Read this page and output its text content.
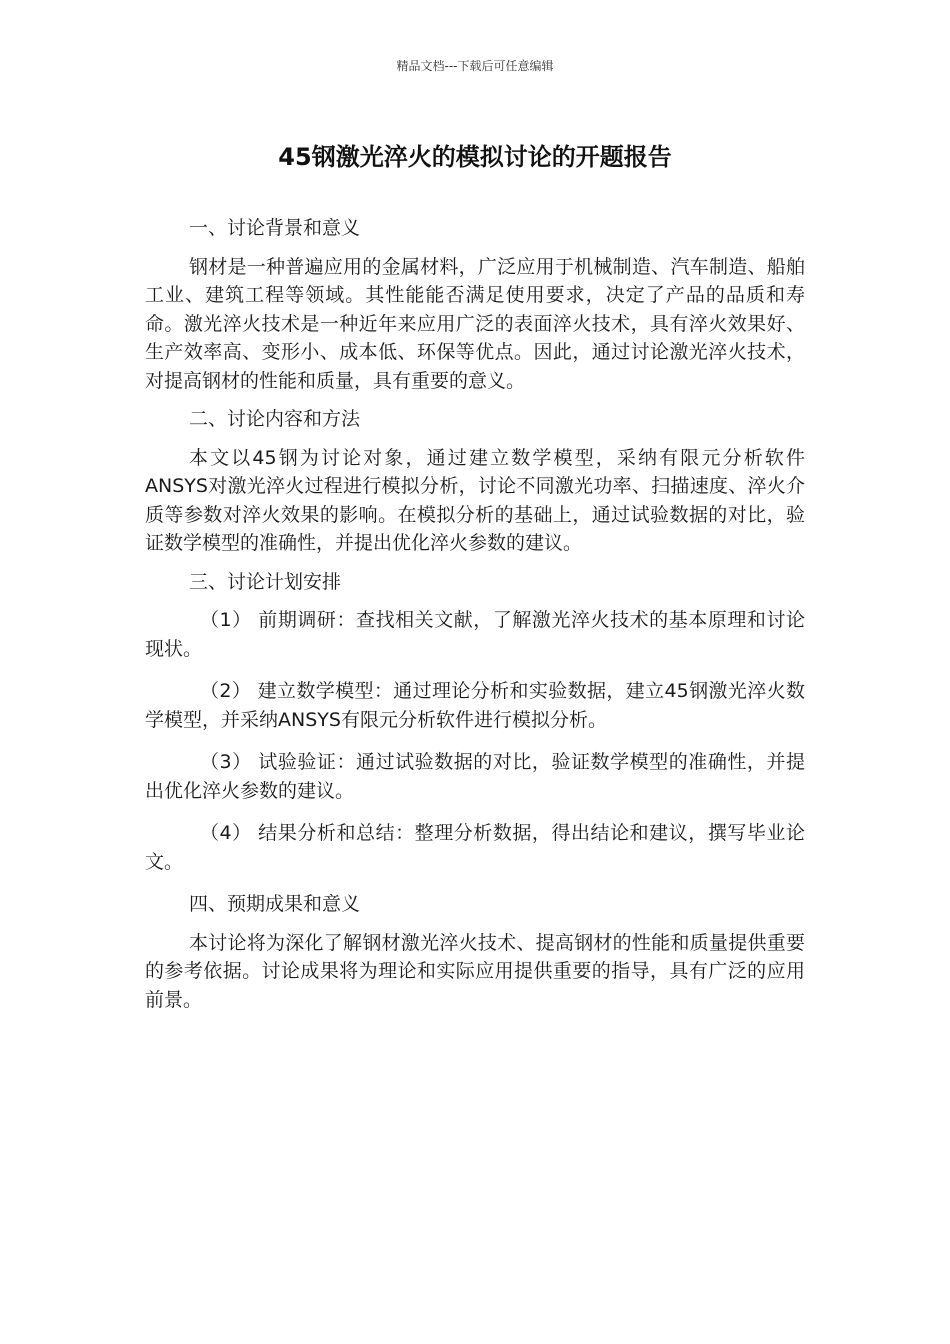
精品文档---下载后可任意编辑
45钢激光淬火的模拟讨论的开题报告

一、讨论背景和意义

钢材是一种普遍应用的金属材料，广泛应用于机械制造、汽车制造、船舶工业、建筑工程等领域。其性能能否满足使用要求，决定了产品的品质和寿命。激光淬火技术是一种近年来应用广泛的表面淬火技术，具有淬火效果好、生产效率高、变形小、成本低、环保等优点。因此，通过讨论激光淬火技术，对提高钢材的性能和质量，具有重要的意义。

二、讨论内容和方法

本文以45钢为讨论对象，通过建立数学模型，采纳有限元分析软件ANSYS对激光淬火过程进行模拟分析，讨论不同激光功率、扫描速度、淬火介质等参数对淬火效果的影响。在模拟分析的基础上，通过试验数据的对比，验证数学模型的准确性，并提出优化淬火参数的建议。

三、讨论计划安排

（1） 前期调研：查找相关文献，了解激光淬火技术的基本原理和讨论现状。

（2） 建立数学模型：通过理论分析和实验数据，建立45钢激光淬火数学模型，并采纳ANSYS有限元分析软件进行模拟分析。

（3） 试验验证：通过试验数据的对比，验证数学模型的准确性，并提出优化淬火参数的建议。

（4） 结果分析和总结：整理分析数据，得出结论和建议，撰写毕业论文。

四、预期成果和意义

本讨论将为深化了解钢材激光淬火技术、提高钢材的性能和质量提供重要的参考依据。讨论成果将为理论和实际应用提供重要的指导，具有广泛的应用前景。
